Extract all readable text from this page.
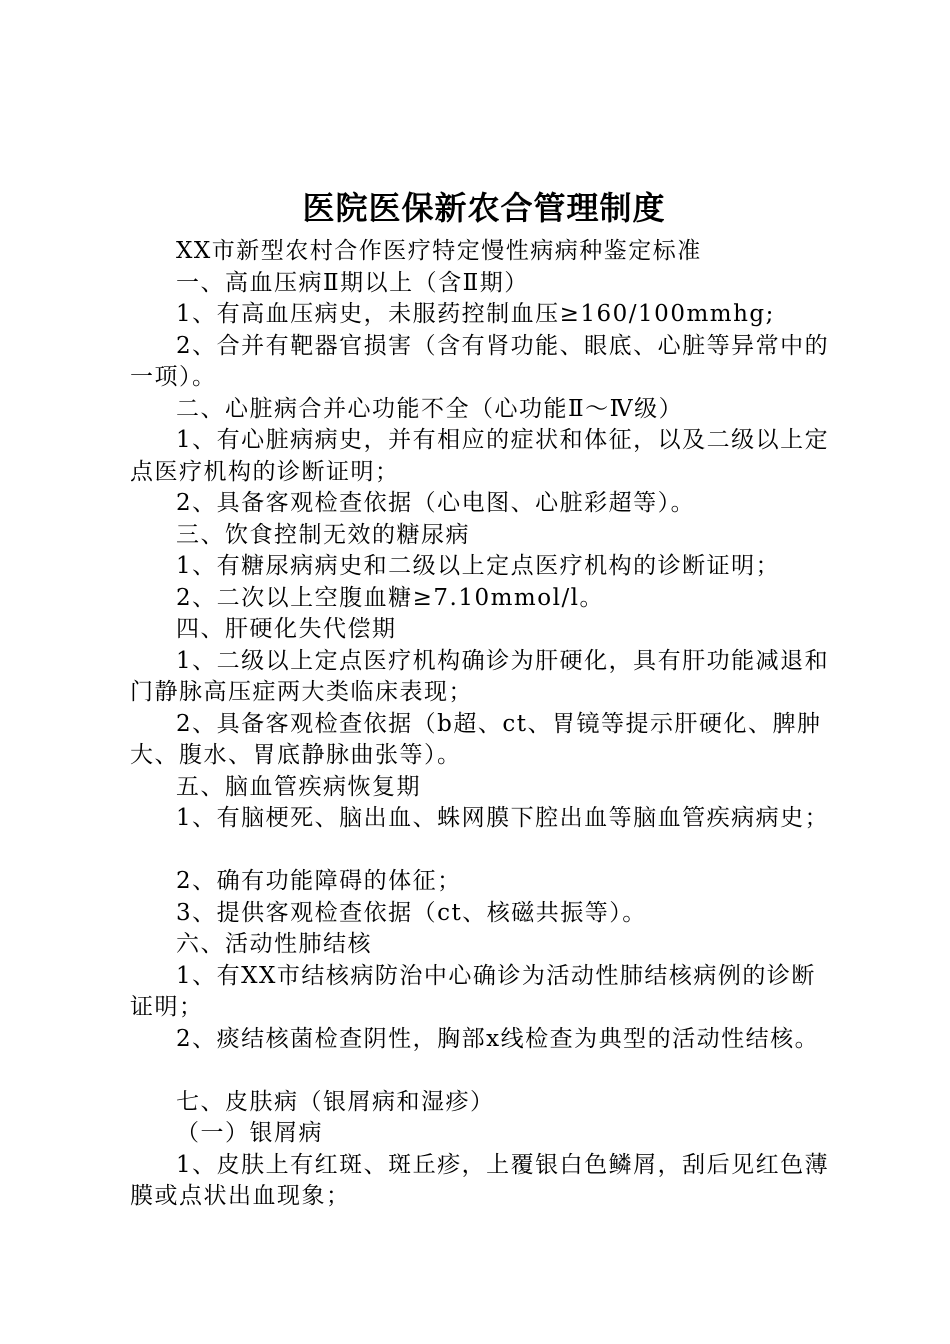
医院医保新农合管理制度

XX市新型农村合作医疗特定慢性病病种鉴定标准

一、高血压病Ⅱ期以上（含Ⅱ期）

1、有高血压病史，未服药控制血压≥160/100mmhg;

2、合并有靶器官损害（含有肾功能、眼底、心脏等异常中的一项）。

二、心脏病合并心功能不全（心功能Ⅱ～Ⅳ级）

1、有心脏病病史，并有相应的症状和体征，以及二级以上定点医疗机构的诊断证明；

2、具备客观检查依据（心电图、心脏彩超等）。

三、饮食控制无效的糖尿病

1、有糖尿病病史和二级以上定点医疗机构的诊断证明；

2、二次以上空腹血糖≥7.10mmol/l。

四、肝硬化失代偿期

1、二级以上定点医疗机构确诊为肝硬化，具有肝功能减退和门静脉高压症两大类临床表现；

2、具备客观检查依据（b超、ct、胃镜等提示肝硬化、脾肿大、腹水、胃底静脉曲张等）。

五、脑血管疾病恢复期

1、有脑梗死、脑出血、蛛网膜下腔出血等脑血管疾病病史；

2、确有功能障碍的体征；

3、提供客观检查依据（ct、核磁共振等）。

六、活动性肺结核

1、有XX市结核病防治中心确诊为活动性肺结核病例的诊断证明；

2、痰结核菌检查阴性，胸部x线检查为典型的活动性结核。

七、皮肤病（银屑病和湿疹）

（一）银屑病

1、皮肤上有红斑、斑丘疹，上覆银白色鳞屑，刮后见红色薄膜或点状出血现象；
